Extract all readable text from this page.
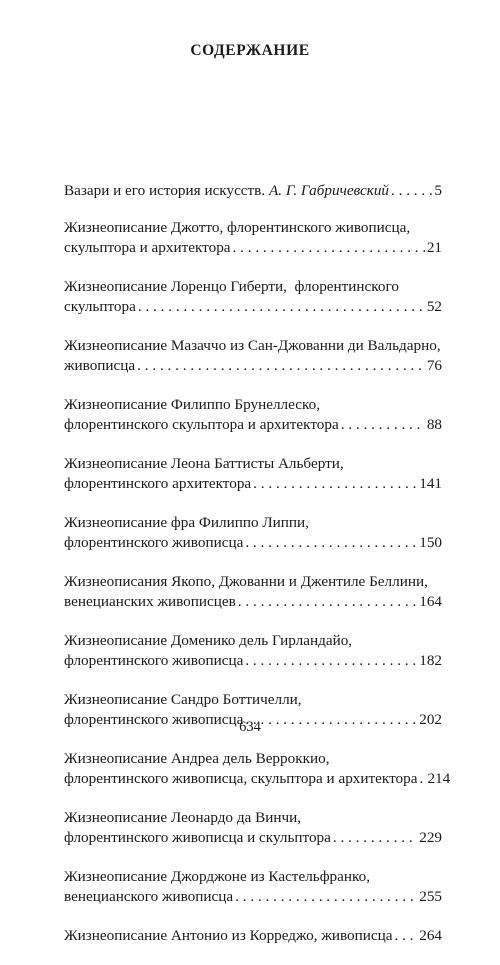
СОДЕРЖАНИЕ
Вазари и его история искусств. А. Г. Габричевский . . .	5
Жизнеописание Джотто, флорентинского живописца,
скульптора и архитектора . . .	21
Жизнеописание Лоренцо Гиберти,  флорентинского
скульптора . . .	52
Жизнеописание Мазаччо из Сан-Джованни ди Вальдарно,
живописца . . .	76
Жизнеописание Филиппо Брунеллеско,
флорентинского скульптора и архитектора . . .	88
Жизнеописание Леона Баттисты Альберти,
флорентинского архитектора . . .	141
Жизнеописание фра Филиппо Липпи,
флорентинского живописца . . .	150
Жизнеописания Якопо, Джованни и Джентиле Беллини,
венецианских живописцев . . .	164
Жизнеописание Доменико дель Гирландайо,
флорентинского живописца . . .	182
Жизнеописание Сандро Боттичелли,
флорентинского живописца . . .	202
Жизнеописание Андреа дель Верроккио,
флорентинского живописца, скульптора и архитектора . . . 214
Жизнеописание Леонардо да Винчи,
флорентинского живописца и скульптора . . .	229
Жизнеописание Джорджоне из Кастельфранко,
венецианского живописца . . .	255
Жизнеописание Антонио из Корреджо, живописца . . . 264
634
